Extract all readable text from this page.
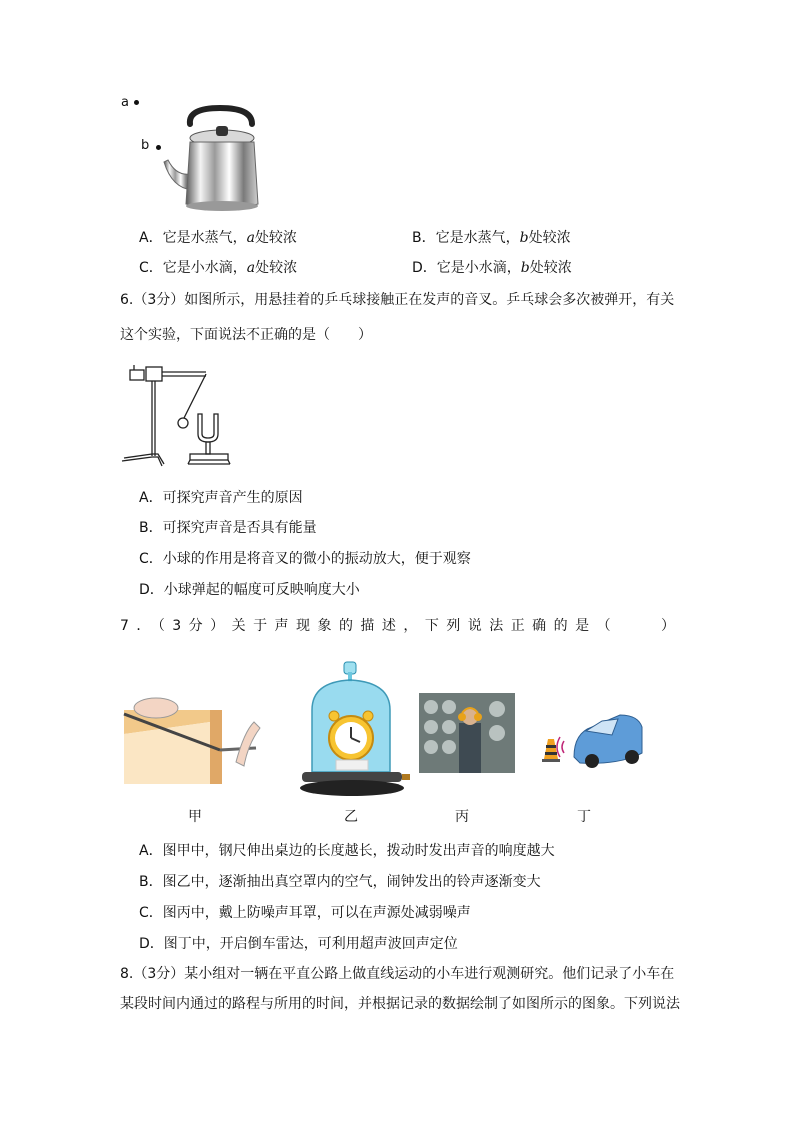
a
b
A．它是水蒸气，a处较浓	B．它是水蒸气，b处较浓
C．它是小水滴，a处较浓	D．它是小水滴，b处较浓
6.（3分）如图所示，用悬挂着的乒乓球接触正在发声的音叉。乒乓球会多次被弹开，有关
这个实验，下面说法不正确的是（　　）
A．可探究声音产生的原因
B．可探究声音是否具有能量
C．小球的作用是将音叉的微小的振动放大，便于观察
D．小球弹起的幅度可反映响度大小
7．（3分）关于声现象的描述，下列说法正确的是（　　）
甲	乙	丙	丁
A．图甲中，钢尺伸出桌边的长度越长，拨动时发出声音的响度越大
B．图乙中，逐渐抽出真空罩内的空气，闹钟发出的铃声逐渐变大
C．图丙中，戴上防噪声耳罩，可以在声源处减弱噪声
D．图丁中，开启倒车雷达，可利用超声波回声定位
8.（3分）某小组对一辆在平直公路上做直线运动的小车进行观测研究。他们记录了小车在
某段时间内通过的路程与所用的时间，并根据记录的数据绘制了如图所示的图象。下列说法
